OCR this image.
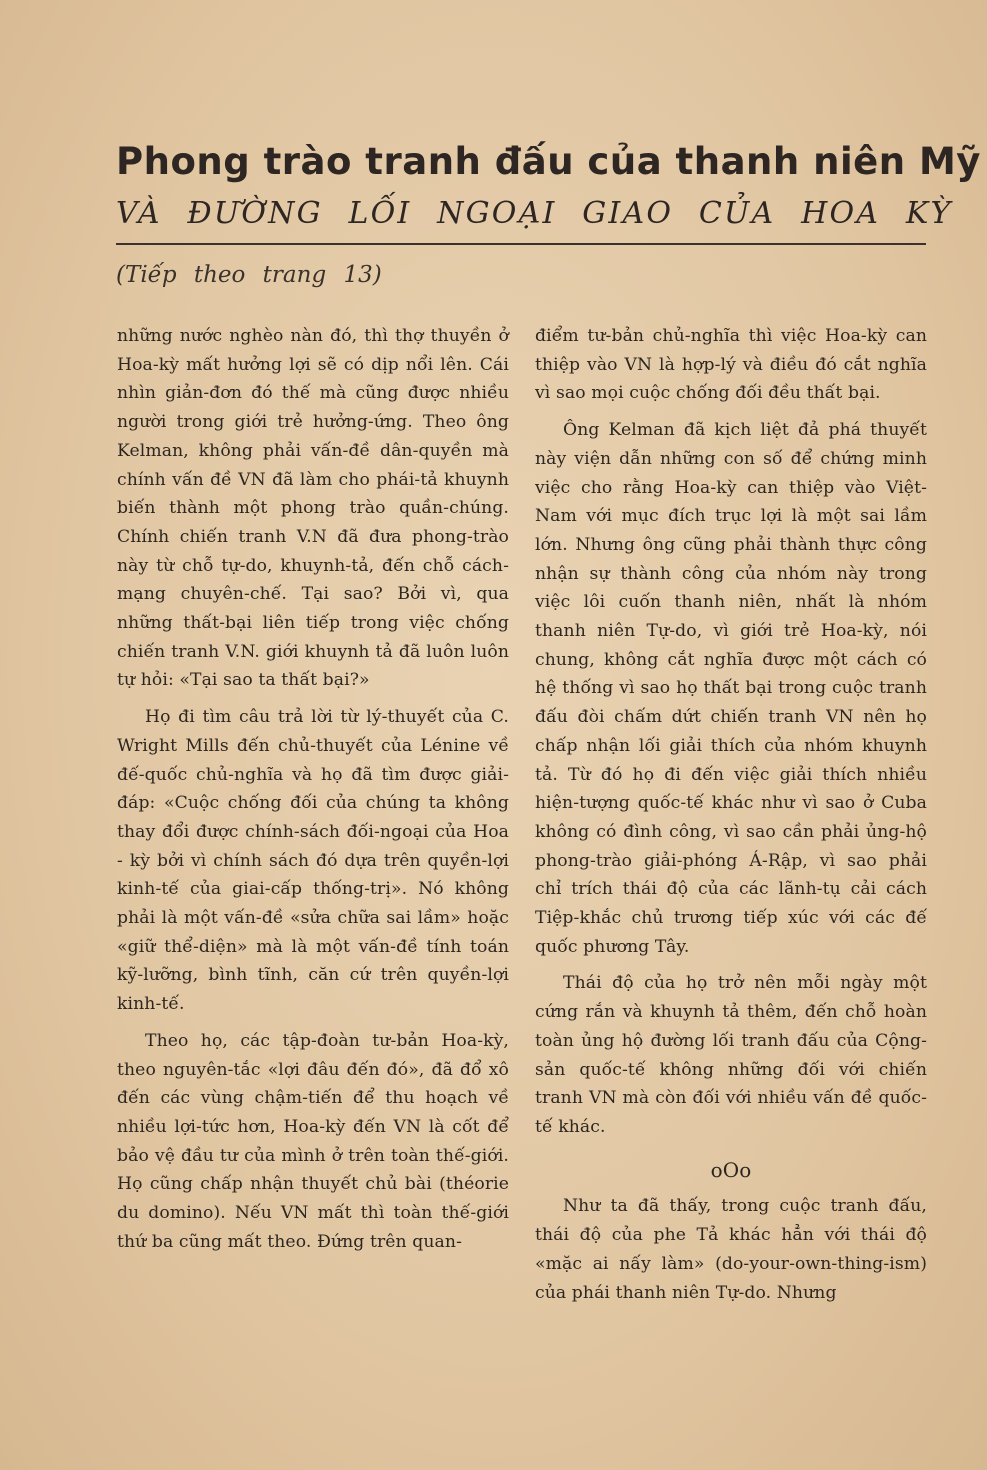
Phong trào tranh đấu của thanh niên Mỹ
VÀ ĐƯỜNG LỐI NGOẠI GIAO CỦA HOA KỲ
(Tiếp theo trang 13)

những nước nghèo nàn đó, thì thợ thuyền ở Hoa-kỳ mất hưởng lợi sẽ có dịp nổi lên. Cái nhìn giản-đơn đó thế mà cũng được nhiều người trong giới trẻ hưởng-ứng. Theo ông Kelman, không phải vấn-đề dân-quyền mà chính vấn đề VN đã làm cho phái-tả khuynh biến thành một phong trào quần-chúng. Chính chiến tranh V.N đã đưa phong-trào này từ chỗ tự-do, khuynh-tả, đến chỗ cách-mạng chuyên-chế. Tại sao? Bởi vì, qua những thất-bại liên tiếp trong việc chống chiến tranh V.N. giới khuynh tả đã luôn luôn tự hỏi: «Tại sao ta thất bại?»

Họ đi tìm câu trả lời từ lý-thuyết của C. Wright Mills đến chủ-thuyết của Lénine về đế-quốc chủ-nghĩa và họ đã tìm được giải-đáp: «Cuộc chống đối của chúng ta không thay đổi được chính-sách đối-ngoại của Hoa - kỳ bởi vì chính sách đó dựa trên quyền-lợi kinh-tế của giai-cấp thống-trị». Nó không phải là một vấn-đề «sửa chữa sai lầm» hoặc «giữ thể-diện» mà là một vấn-đề tính toán kỹ-lưỡng, bình tĩnh, căn cứ trên quyền-lợi kinh-tế.

Theo họ, các tập-đoàn tư-bản Hoa-kỳ, theo nguyên-tắc «lợi đâu đến đó», đã đổ xô đến các vùng chậm-tiến để thu hoạch về nhiều lợi-tức hơn, Hoa-kỳ đến VN là cốt để bảo vệ đầu tư của mình ở trên toàn thế-giới. Họ cũng chấp nhận thuyết chủ bài (théorie du domino). Nếu VN mất thì toàn thế-giới thứ ba cũng mất theo. Đứng trên quan-

điểm tư-bản chủ-nghĩa thì việc Hoa-kỳ can thiệp vào VN là hợp-lý và điều đó cắt nghĩa vì sao mọi cuộc chống đối đều thất bại.

Ông Kelman đã kịch liệt đả phá thuyết này viện dẫn những con số để chứng minh việc cho rằng Hoa-kỳ can thiệp vào Việt-Nam với mục đích trục lợi là một sai lầm lớn. Nhưng ông cũng phải thành thực công nhận sự thành công của nhóm này trong việc lôi cuốn thanh niên, nhất là nhóm thanh niên Tự-do, vì giới trẻ Hoa-kỳ, nói chung, không cắt nghĩa được một cách có hệ thống vì sao họ thất bại trong cuộc tranh đấu đòi chấm dứt chiến tranh VN nên họ chấp nhận lối giải thích của nhóm khuynh tả. Từ đó họ đi đến việc giải thích nhiều hiện-tượng quốc-tế khác như vì sao ở Cuba không có đình công, vì sao cần phải ủng-hộ phong-trào giải-phóng Á-Rập, vì sao phải chỉ trích thái độ của các lãnh-tụ cải cách Tiệp-khắc chủ trương tiếp xúc với các đế quốc phương Tây.

Thái độ của họ trở nên mỗi ngày một cứng rắn và khuynh tả thêm, đến chỗ hoàn toàn ủng hộ đường lối tranh đấu của Cộng-sản quốc-tế không những đối với chiến tranh VN mà còn đối với nhiều vấn đề quốc-tế khác.

oOo

Như ta đã thấy, trong cuộc tranh đấu, thái độ của phe Tả khác hẳn với thái độ «mặc ai nấy làm» (do-your-own-thing-ism) của phái thanh niên Tự-do. Nhưng
